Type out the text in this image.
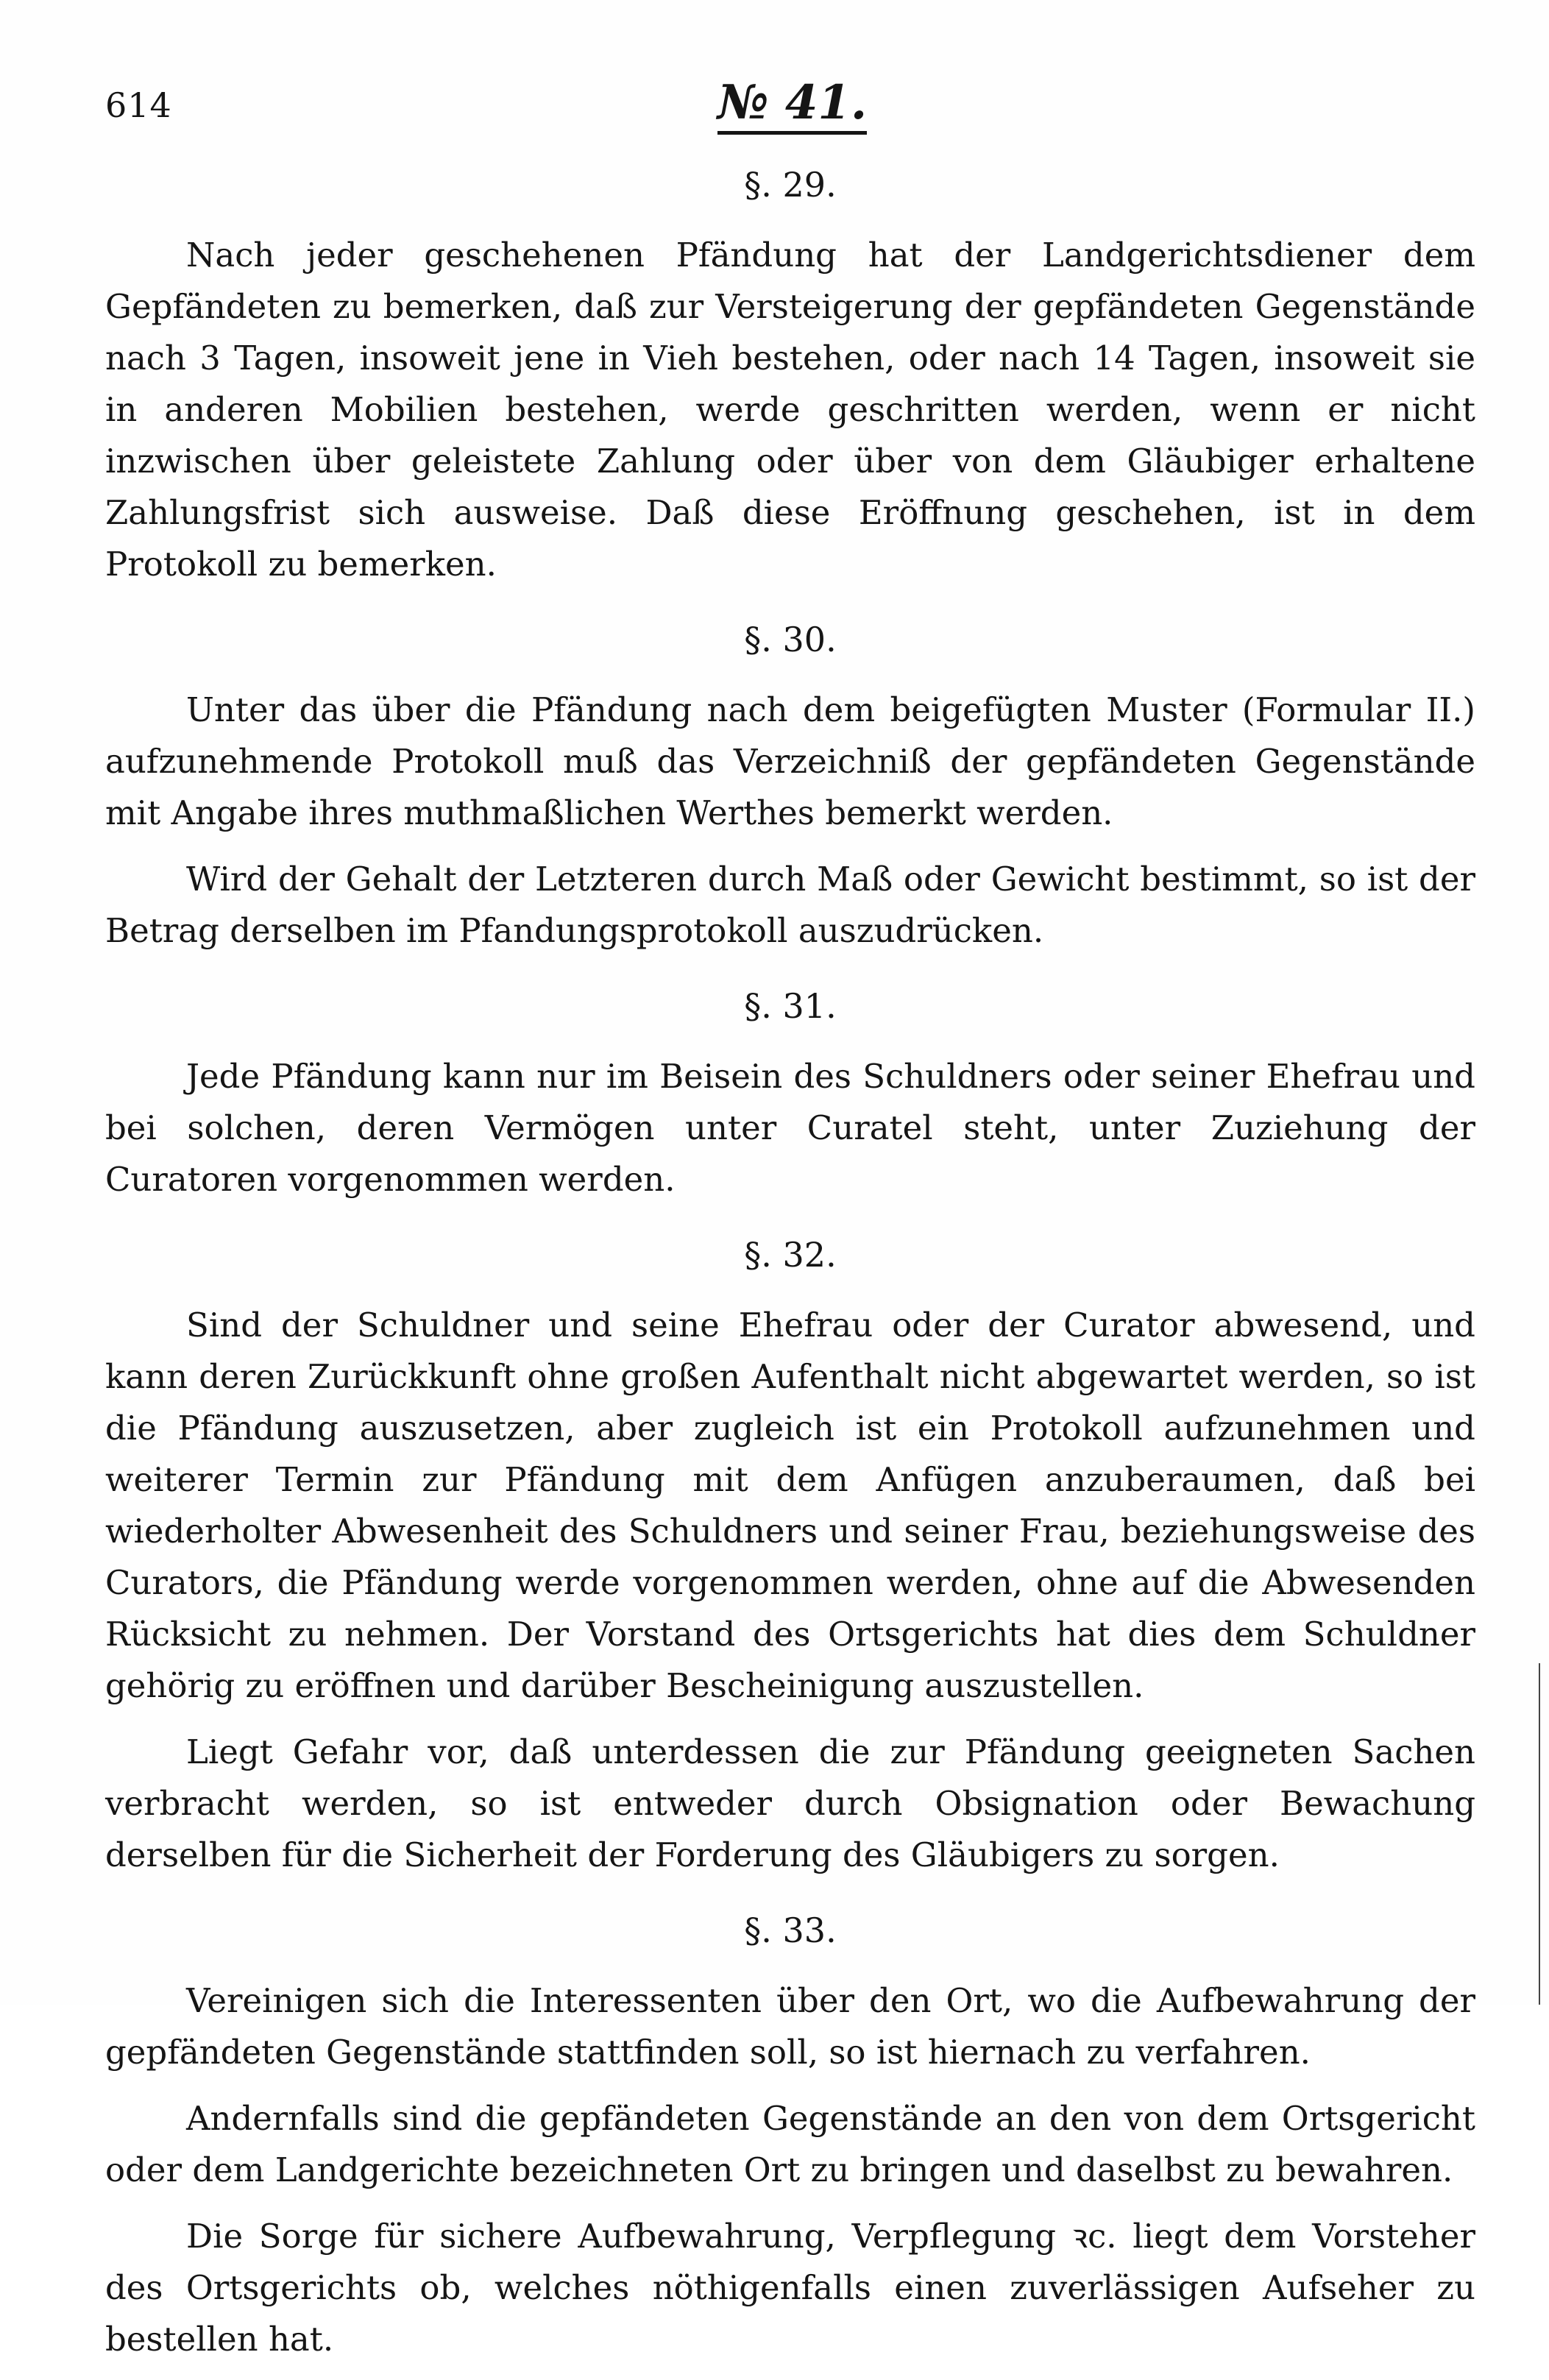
614	№ 41.
§. 29.

Nach jeder geschehenen Pfändung hat der Landgerichtsdiener dem Gepfändeten zu bemerken, daß zur Versteigerung der gepfändeten Gegenstände nach 3 Tagen, insoweit jene in Vieh bestehen, oder nach 14 Tagen, insoweit sie in anderen Mobilien bestehen, werde geschritten werden, wenn er nicht inzwischen über geleistete Zahlung oder über von dem Gläubiger erhaltene Zahlungsfrist sich ausweise. Daß diese Eröffnung geschehen, ist in dem Protokoll zu bemerken.

§. 30.

Unter das über die Pfändung nach dem beigefügten Muster (Formular II.) aufzunehmende Protokoll muß das Verzeichniß der gepfändeten Gegenstände mit Angabe ihres muthmaßlichen Werthes bemerkt werden.

Wird der Gehalt der Letzteren durch Maß oder Gewicht bestimmt, so ist der Betrag derselben im Pfandungsprotokoll auszudrücken.

§. 31.

Jede Pfändung kann nur im Beisein des Schuldners oder seiner Ehefrau und bei solchen, deren Vermögen unter Curatel steht, unter Zuziehung der Curatoren vorgenommen werden.

§. 32.

Sind der Schuldner und seine Ehefrau oder der Curator abwesend, und kann deren Zurückkunft ohne großen Aufenthalt nicht abgewartet werden, so ist die Pfändung auszusetzen, aber zugleich ist ein Protokoll aufzunehmen und weiterer Termin zur Pfändung mit dem Anfügen anzuberaumen, daß bei wiederholter Abwesenheit des Schuldners und seiner Frau, beziehungsweise des Curators, die Pfändung werde vorgenommen werden, ohne auf die Abwesenden Rücksicht zu nehmen. Der Vorstand des Ortsgerichts hat dies dem Schuldner gehörig zu eröffnen und darüber Bescheinigung auszustellen.

Liegt Gefahr vor, daß unterdessen die zur Pfändung geeigneten Sachen verbracht werden, so ist entweder durch Obsignation oder Bewachung derselben für die Sicherheit der Forderung des Gläubigers zu sorgen.

§. 33.

Vereinigen sich die Interessenten über den Ort, wo die Aufbewahrung der gepfändeten Gegenstände stattfinden soll, so ist hiernach zu verfahren.

Andernfalls sind die gepfändeten Gegenstände an den von dem Ortsgericht oder dem Landgerichte bezeichneten Ort zu bringen und daselbst zu bewahren.

Die Sorge für sichere Aufbewahrung, Verpflegung ꝛc. liegt dem Vorsteher des Ortsgerichts ob, welches nöthigenfalls einen zuverlässigen Aufseher zu bestellen hat.
